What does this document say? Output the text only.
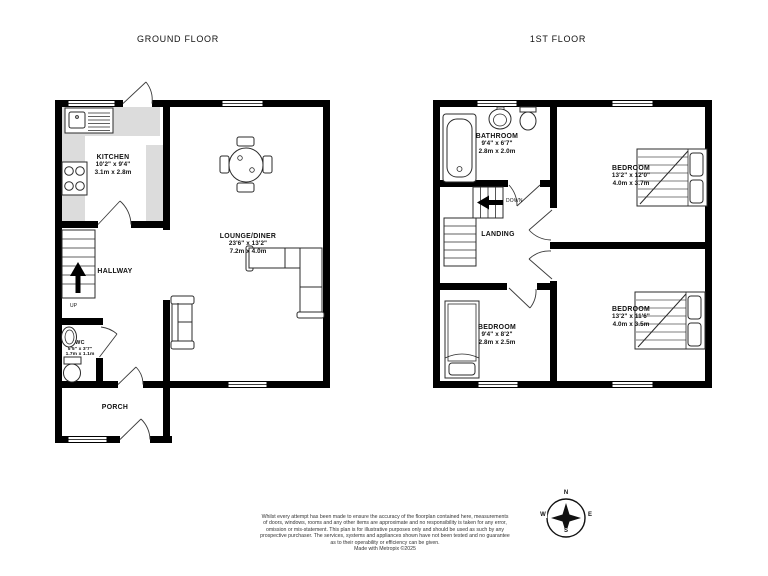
GROUND FLOOR	1ST FLOOR
KITCHEN
10'2" x 9'4"
3.1m x 2.8m
LOUNGE/DINER
23'6" x 13'2"
7.2m x 4.0m
HALLWAY
UP
WC
5'5" x 3'7"
1.7m x 1.1m
PORCH
BATHROOM
9'4" x 6'7"
2.8m x 2.0m
LANDING
DOWN
BEDROOM
13'2" x 12'0"
4.0m x 3.7m
BEDROOM
13'2" x 11'6"
4.0m x 3.5m
BEDROOM
9'4" x 8'2"
2.8m x 2.5m
N
W	E
S
Whilst every attempt has been made to ensure the accuracy of the floorplan contained here, measurements
of doors, windows, rooms and any other items are approximate and no responsibility is taken for any error,
omission or mis-statement. This plan is for illustrative purposes only and should be used as such by any
prospective purchaser. The services, systems and appliances shown have not been tested and no guarantee
as to their operability or efficiency can be given.
Made with Metropix ©2025
